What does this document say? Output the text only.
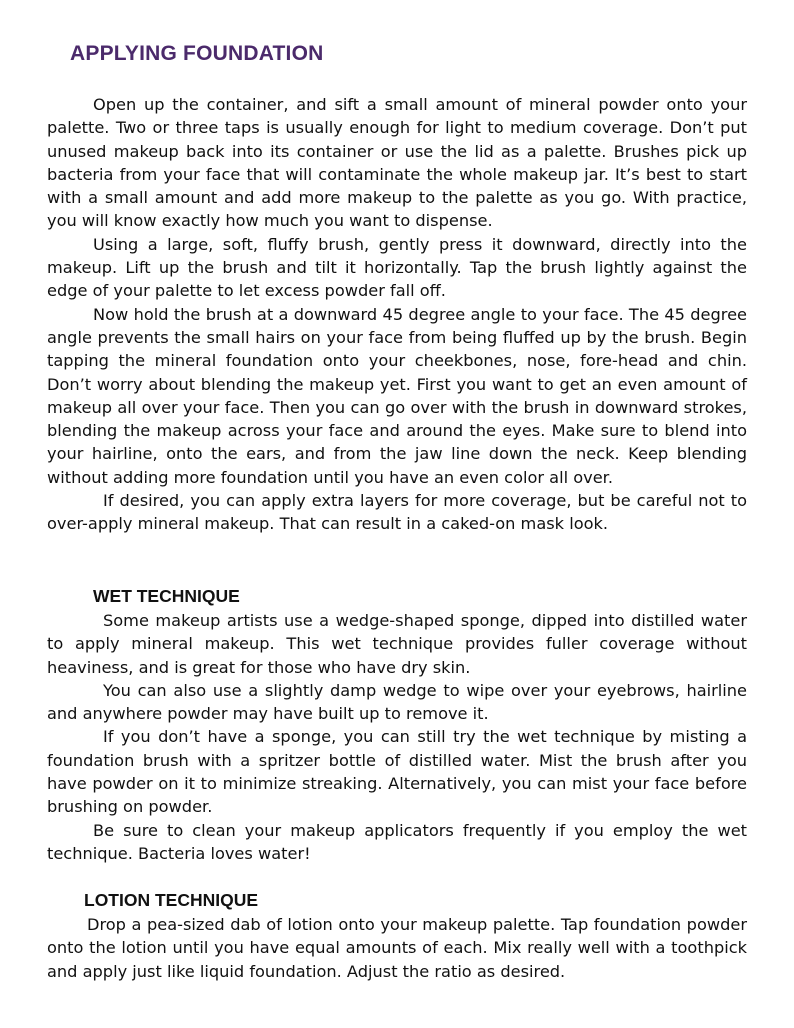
APPLYING FOUNDATION

Open up the container, and sift a small amount of mineral powder onto your palette. Two or three taps is usually enough for light to medium coverage. Don’t put unused makeup back into its container or use the lid as a palette. Brushes pick up bacteria from your face that will contaminate the whole makeup jar. It’s best to start with a small amount and add more makeup to the palette as you go. With practice, you will know exactly how much you want to dispense.

Using a large, soft, fluffy brush, gently press it downward, directly into the makeup. Lift up the brush and tilt it horizontally. Tap the brush lightly against the edge of your palette to let excess powder fall off.

Now hold the brush at a downward 45 degree angle to your face. The 45 degree angle prevents the small hairs on your face from being fluffed up by the brush. Begin tapping the mineral foundation onto your cheekbones, nose, fore-head and chin. Don’t worry about blending the makeup yet. First you want to get an even amount of makeup all over your face. Then you can go over with the brush in downward strokes, blending the makeup across your face and around the eyes. Make sure to blend into your hairline, onto the ears, and from the jaw line down the neck. Keep blending without adding more foundation until you have an even color all over.

If desired, you can apply extra layers for more coverage, but be careful not to over-apply mineral makeup. That can result in a caked-on mask look.

WET TECHNIQUE

Some makeup artists use a wedge-shaped sponge, dipped into distilled water to apply mineral makeup. This wet technique provides fuller coverage without heaviness, and is great for those who have dry skin.

You can also use a slightly damp wedge to wipe over your eyebrows, hairline and anywhere powder may have built up to remove it.

If you don’t have a sponge, you can still try the wet technique by misting a foundation brush with a spritzer bottle of distilled water. Mist the brush after you have powder on it to minimize streaking. Alternatively, you can mist your face before brushing on powder.

Be sure to clean your makeup applicators frequently if you employ the wet technique. Bacteria loves water!

LOTION TECHNIQUE

Drop a pea-sized dab of lotion onto your makeup palette. Tap foundation powder onto the lotion until you have equal amounts of each. Mix really well with a toothpick and apply just like liquid foundation. Adjust the ratio as desired.
